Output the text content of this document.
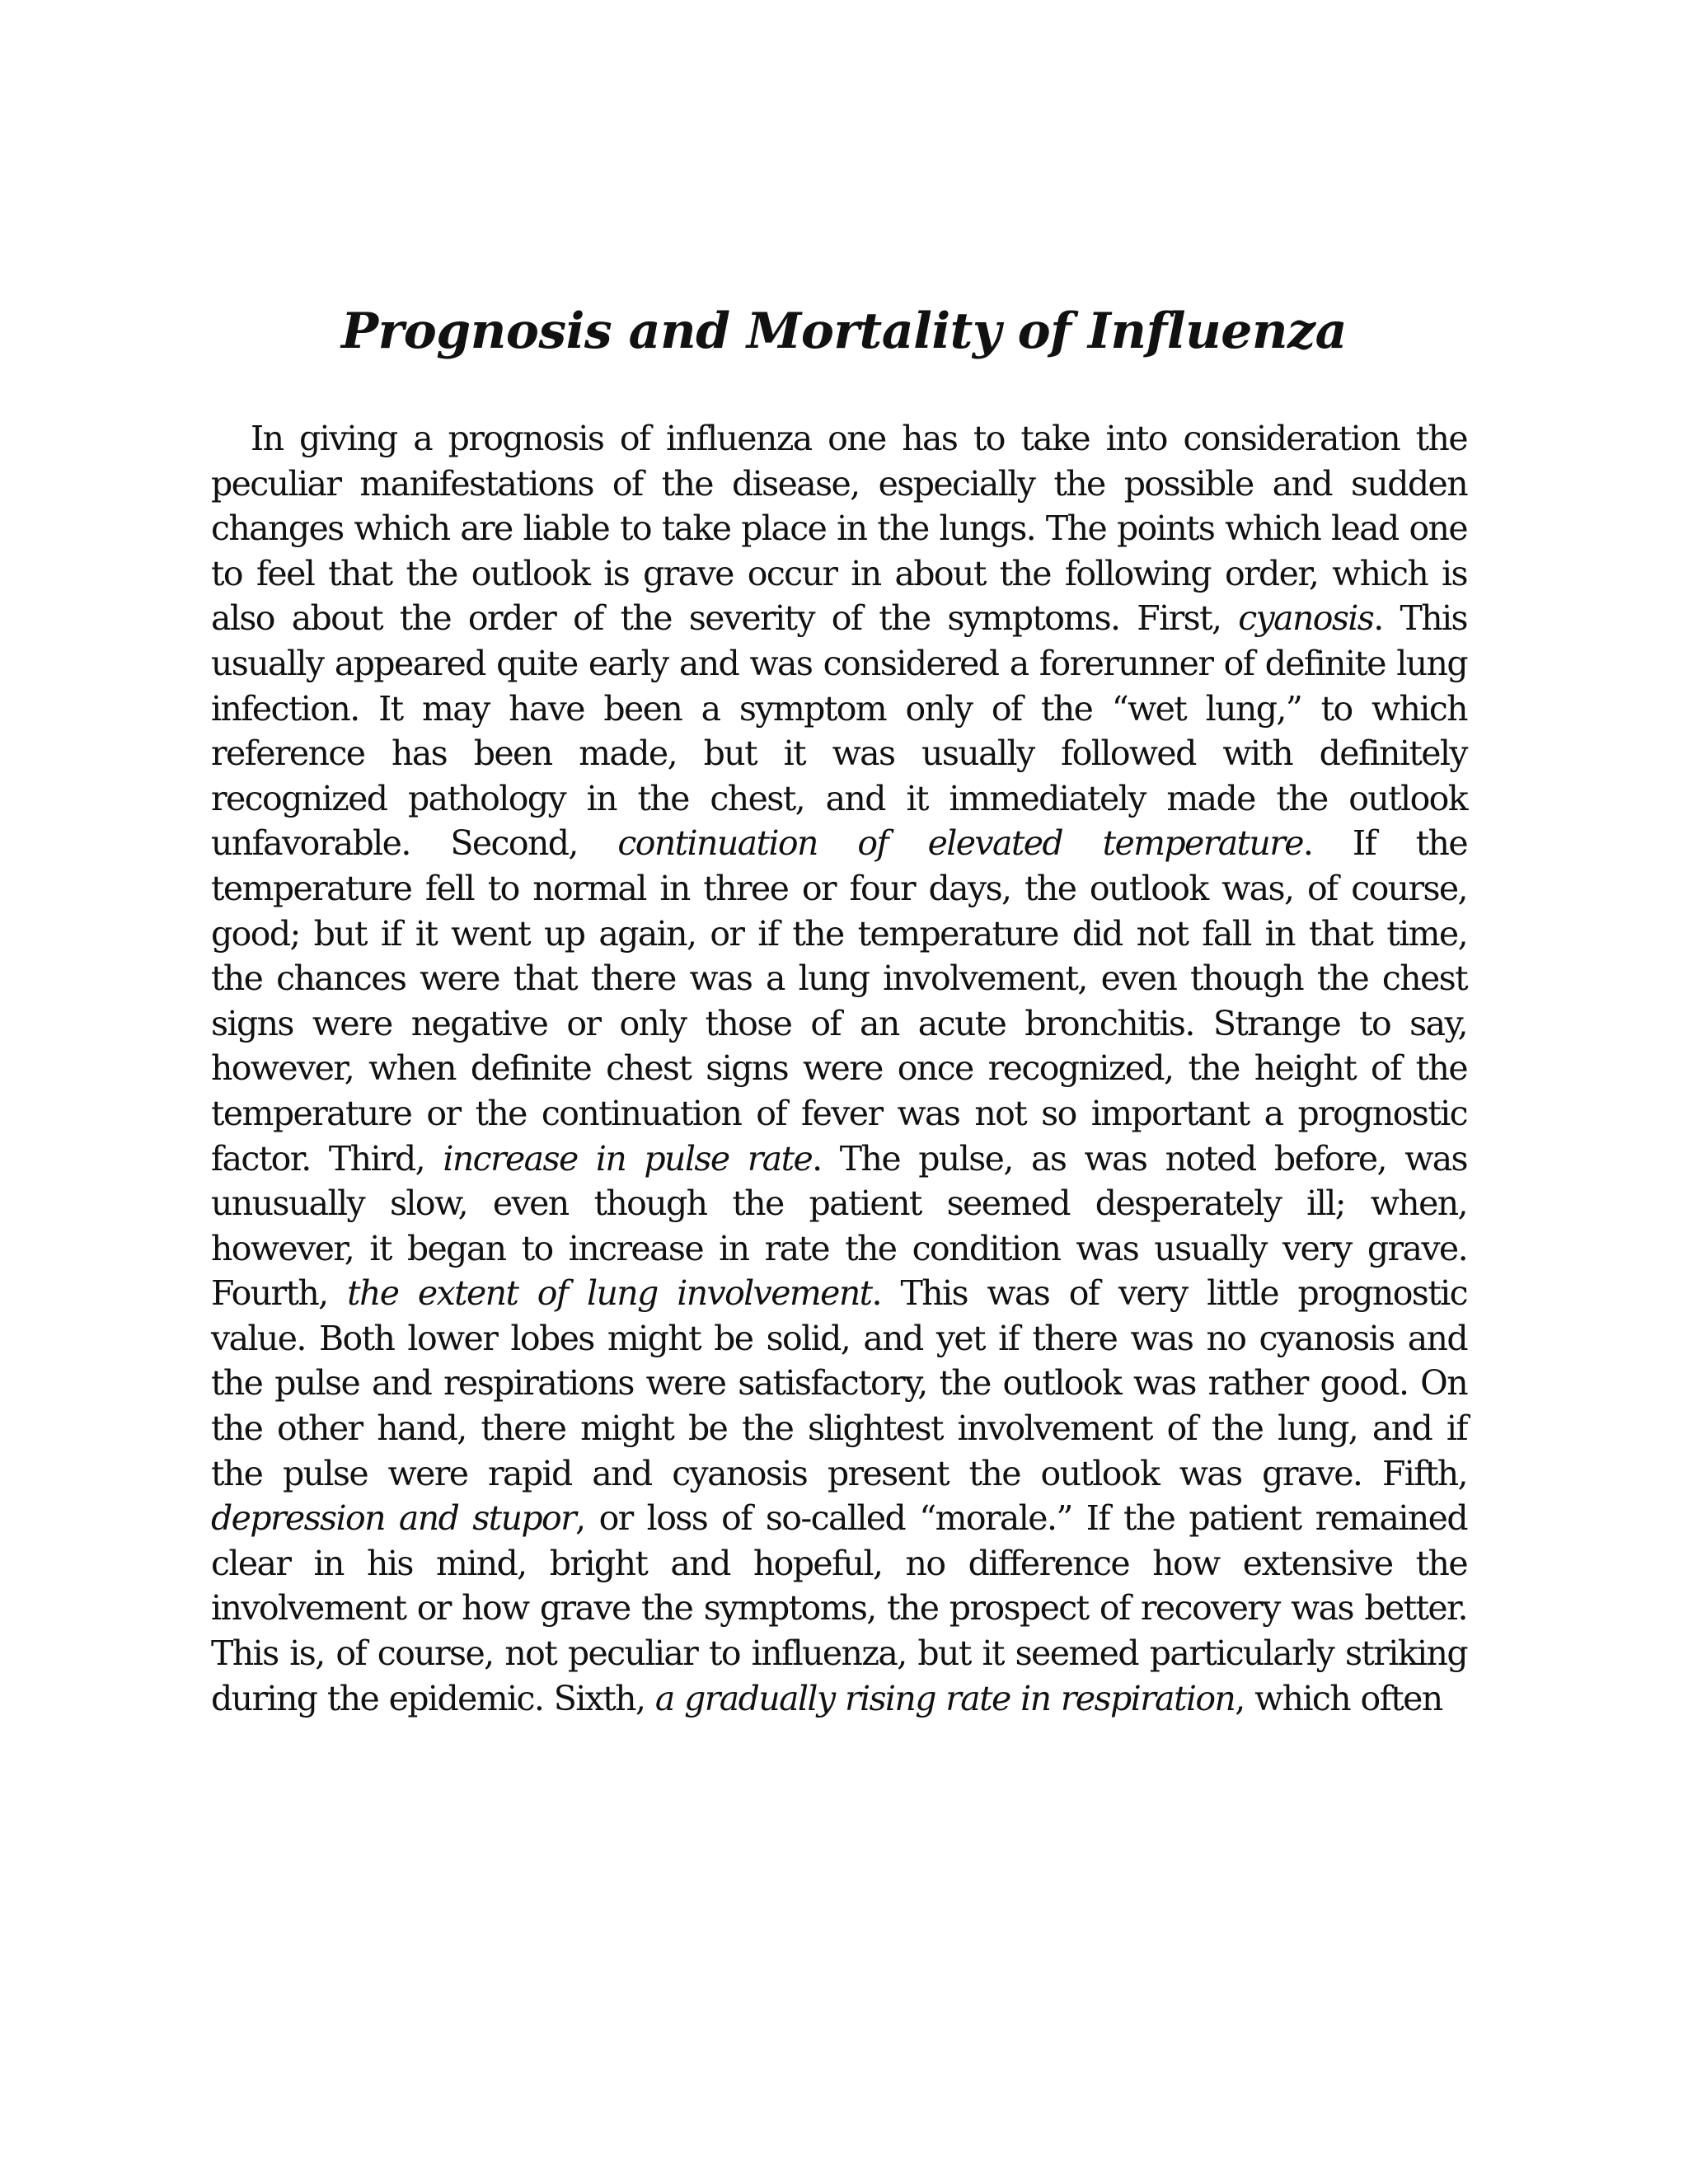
Prognosis and Mortality of Influenza

In giving a prognosis of influenza one has to take into consideration the peculiar manifestations of the disease, especially the possible and sudden changes which are liable to take place in the lungs. The points which lead one to feel that the outlook is grave occur in about the following order, which is also about the order of the severity of the symptoms. First, cyanosis. This usually appeared quite early and was considered a forerunner of definite lung infection. It may have been a symptom only of the “wet lung,” to which reference has been made, but it was usually followed with definitely recognized pathology in the chest, and it immediately made the outlook unfavorable. Second, continuation of elevated temperature. If the temperature fell to normal in three or four days, the outlook was, of course, good; but if it went up again, or if the temperature did not fall in that time, the chances were that there was a lung involvement, even though the chest signs were negative or only those of an acute bronchitis. Strange to say, however, when definite chest signs were once recognized, the height of the temperature or the continuation of fever was not so important a prognostic factor. Third, increase in pulse rate. The pulse, as was noted before, was unusually slow, even though the patient seemed desperately ill; when, however, it began to increase in rate the condition was usually very grave. Fourth, the extent of lung involvement. This was of very little prognostic value. Both lower lobes might be solid, and yet if there was no cyanosis and the pulse and respirations were satisfactory, the outlook was rather good. On the other hand, there might be the slightest involvement of the lung, and if the pulse were rapid and cyanosis present the outlook was grave. Fifth, depression and stupor, or loss of so-called “morale.” If the patient remained clear in his mind, bright and hopeful, no difference how extensive the involvement or how grave the symptoms, the prospect of recovery was better. This is, of course, not peculiar to influenza, but it seemed particularly striking during the epidemic. Sixth, a gradually rising rate in respiration, which often
